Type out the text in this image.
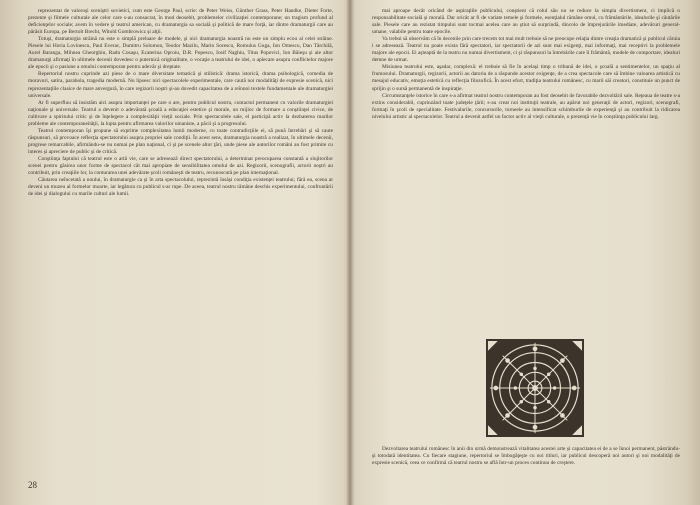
reprezentat de valoroşi sceniştri sovietici, cum este George Paul, scrie: de Peter Weiss, Günther Grass, Peter Handke, Dieter Forte, prezente şi filmele culturale ale celor care s-au consacrat, în mod deosebit, problemelor civilizaţiei contemporane; un tragism profund al deficienţelor sociale; avem în vedere şi teatrul american, cu dramaturgia sa socială şi politică de mare forţă, iar dintre dramaturgii care au părăsit Europa, pe Bertolt Brecht, Witold Gombrowicz şi alţii.

Totuşi, dramaturgia străină nu este o simplă preluare de modele, şi nici dramaturgia noastră nu este un simplu ecou al celei străine. Piesele lui Horia Lovinescu, Paul Everac, Dumitru Solomon, Teodor Mazilu, Marin Sorescu, Romulus Guga, Ion Omescu, Dan Tărchilă, Aurel Baranga, Mihnea Gheorghiu, Radu Cosaşu, Ecaterina Oproiu, D.R. Popescu, Iosif Naghiu, Titus Popovici, Ion Băieşu şi ale altor dramaturgi afirmaţi în ultimele decenii dovedesc o puternică originalitate, o vocaţie a teatrului de idei, o aplecare asupra conflictelor majore ale epocii şi o pasiune a omului contemporan pentru adevăr şi dreptate.

Repertoriul nostru cuprinde azi piese de o mare diversitate tematică şi stilistică: drama istorică, drama psihologică, comedia de moravuri, satira, parabola, tragedia modernă. Nu lipsesc nici spectacolele experimentale, care caută noi modalităţi de expresie scenică, nici reprezentaţiile clasice de mare anvergură, în care regizorii noştri şi-au dovedit capacitatea de a reînnoi textele fundamentale ale dramaturgiei universale.

Ar fi superfluu să insistăm aici asupra importanţei pe care o are, pentru publicul nostru, contactul permanent cu valorile dramaturgiei naţionale şi universale. Teatrul a devenit o adevărată şcoală a educaţiei estetice şi morale, un mijloc de formare a conştiinţei civice, de cultivare a spiritului critic şi de înţelegere a complexităţii vieţii sociale. Prin spectacolele sale, el participă activ la dezbaterea marilor probleme ale contemporaneităţii, la lupta pentru afirmarea valorilor umaniste, a păcii şi a progresului.

Teatrul contemporan îşi propune să exprime complexitatea lumii moderne, cu toate contradicţiile ei, să pună întrebări şi să caute răspunsuri, să provoace reflecţia spectatorului asupra propriei sale condiţii. În acest sens, dramaturgia noastră a realizat, în ultimele decenii, progrese remarcabile, afirmându-se nu numai pe plan naţional, ci şi pe scenele altor ţări, unde piese ale autorilor români au fost primite cu interes şi apreciere de public şi de critică.

Conştiinţa faptului că teatrul este o artă vie, care se adresează direct spectatorului, a determinat preocuparea constantă a slujitorilor scenei pentru găsirea unor forme de spectacol cât mai apropiate de sensibilitatea omului de azi. Regizorii, scenografii, actorii noştri au contribuit, prin creaţiile lor, la conturarea unei adevărate şcoli româneşti de teatru, recunoscută pe plan internaţional.

Căutarea neîncetată a noului, în dramaturgie ca şi în arta spectacolului, reprezintă însăşi condiţia existenţei teatrului; fără ea, scena ar deveni un muzeu al formelor moarte, iar legătura cu publicul s-ar rupe. De aceea, teatrul nostru rămâne deschis experimentului, confruntării de idei şi dialogului cu marile culturi ale lumii.

28

mai aproape decât oricând de aspiraţiile publicului, conştient că rolul său nu se reduce la simpla divertisment, ci implică o responsabilitate socială şi morală. Dar oricât ar fi de variate temele şi formele, esenţialul rămâne omul, cu frământările, idealurile şi căutările sale. Piesele care au rezistat timpului sunt tocmai acelea care au ştiut să surprindă, dincolo de împrejurările imediate, adevăruri general-umane, valabile pentru toate epocile.

Va trebui să observăm că în decenile prin care trecem tot mai mult trebuie să ne preocupe relaţia dintre creaţia dramatică şi publicul căruia i se adresează. Teatrul nu poate exista fără spectatori, iar spectatorii de azi sunt mai exigenţi, mai informaţi, mai receptivi la problemele majore ale epocii. Ei aşteaptă de la teatru nu numai divertisment, ci şi răspunsuri la întrebările care îi frământă, modele de comportare, idealuri demne de urmat.

Misiunea teatrului este, aşadar, complexă: el trebuie să fie în acelaşi timp o tribună de idei, o şcoală a sentimentelor, un spaţiu al frumosului. Dramaturgii, regizorii, actorii au datoria de a răspunde acestor exigenţe, de a crea spectacole care să îmbine valoarea artistică cu mesajul educativ, emoţia estetică cu reflecţia filozofică. În acest efort, tradiţia teatrului românesc, cu marii săi creatori, constituie un punct de sprijin şi o sursă permanentă de inspiraţie.

Circumstanţele istorice în care s-a afirmat teatrul nostru contemporan au fost deosebit de favorabile dezvoltării sale. Reţeaua de teatre s-a extins considerabil, cuprinzând toate judeţele ţării; s-au creat noi instituţii teatrale, au apărut noi generaţii de actori, regizori, scenografi, formaţi în şcoli de specialitate. Festivalurile, concursurile, turneele au intensificat schimburile de experienţă şi au contribuit la ridicarea nivelului artistic al spectacolelor. Teatrul a devenit astfel un factor activ al vieţii culturale, o prezenţă vie în conştiinţa publicului larg.

Dezvoltarea teatrului românesc în anii din urmă demonstrează vitalitatea acestei arte şi capacitatea ei de a se înnoi permanent, păstrându-şi totodată identitatea. Cu fiecare stagiune, repertoriul se îmbogăţeşte cu noi titluri, iar publicul descoperă noi autori şi noi modalităţi de expresie scenică, ceea ce confirmă că teatrul nostru se află într-un proces continuu de creştere.
